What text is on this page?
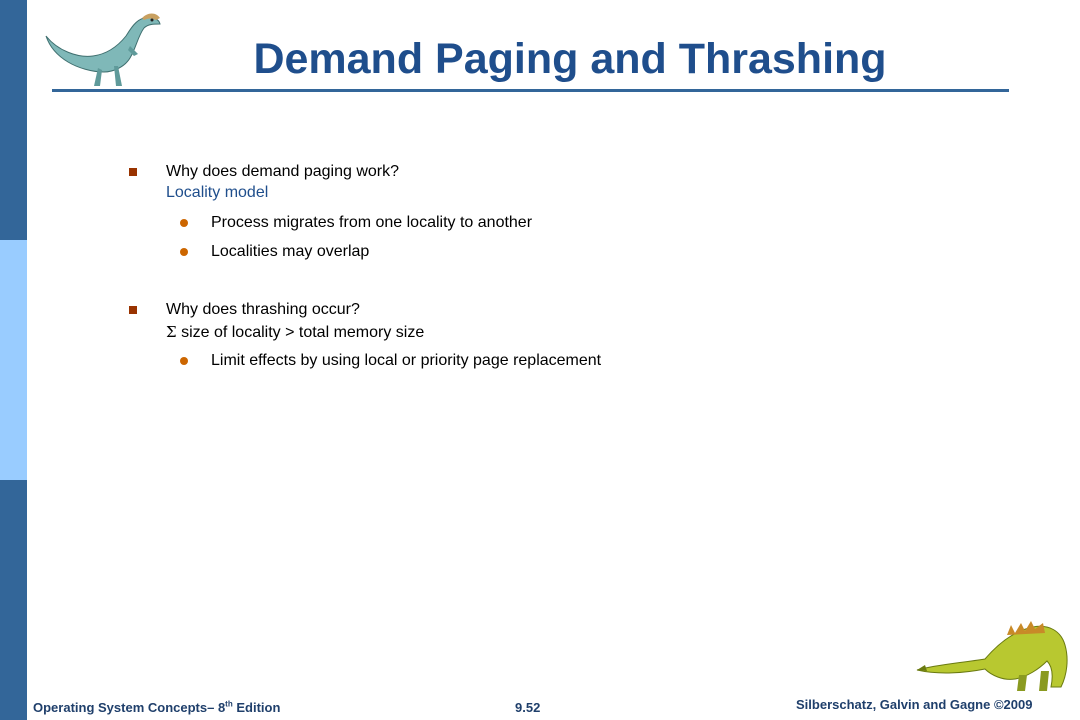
Demand Paging and Thrashing
Why does demand paging work?
Locality model
Process migrates from one locality to another
Localities may overlap
Why does thrashing occur?
Σ size of locality > total memory size
Limit effects by using local or priority page replacement
Operating System Concepts– 8th Edition	9.52	Silberschatz, Galvin and Gagne ©2009
